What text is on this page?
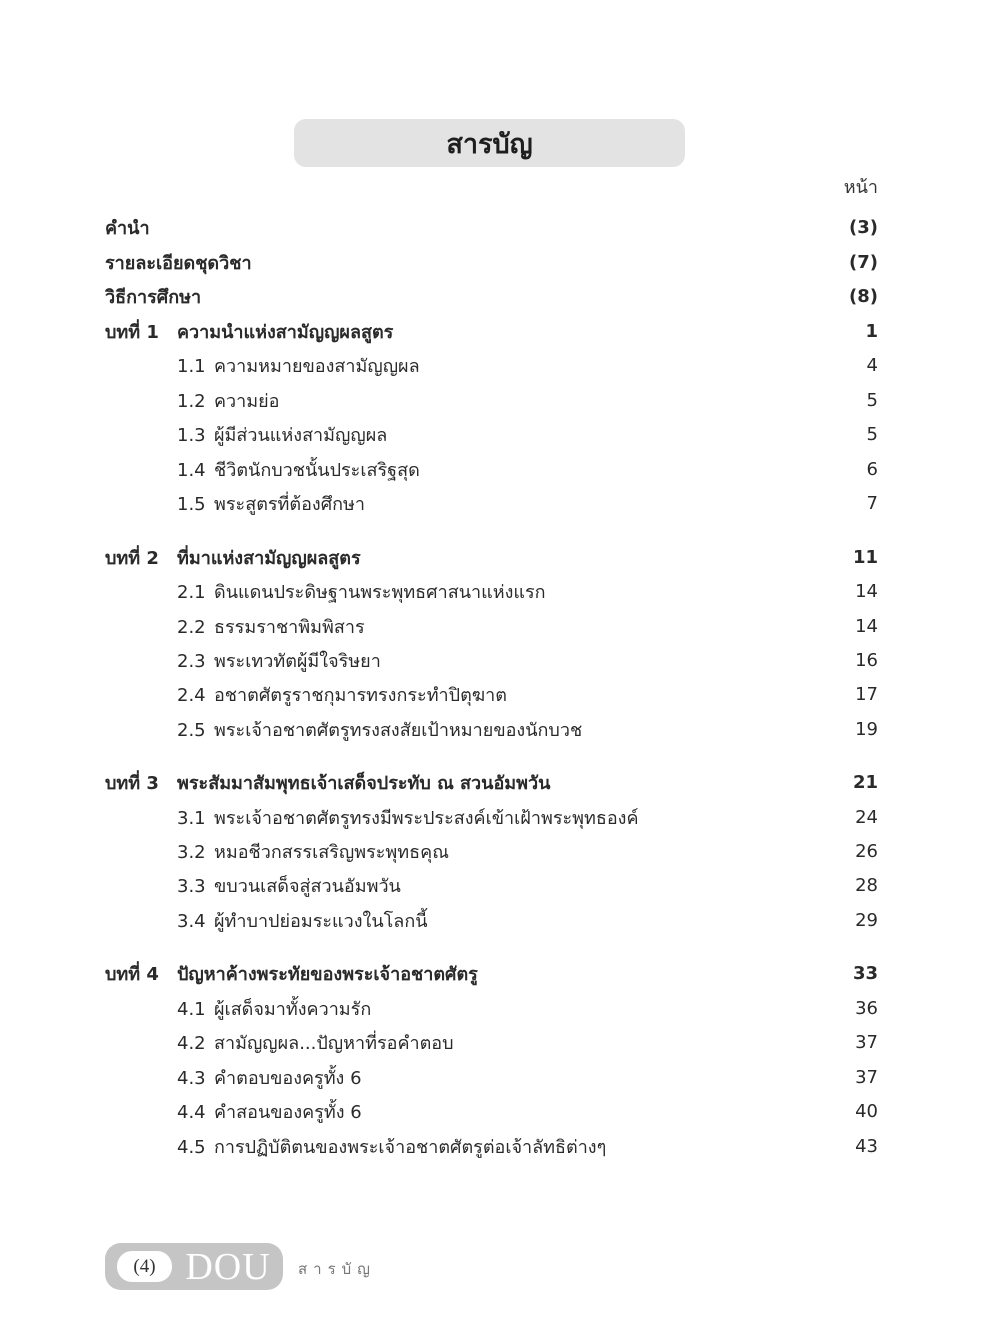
สารบัญ
หน้า
คำนำ	(3)
รายละเอียดชุดวิชา	(7)
วิธีการศึกษา	(8)
บทที่ 1 ความนำแห่งสามัญญผลสูตร	1
1.1 ความหมายของสามัญญผล	4
1.2 ความย่อ	5
1.3 ผู้มีส่วนแห่งสามัญญผล	5
1.4 ชีวิตนักบวชนั้นประเสริฐสุด	6
1.5 พระสูตรที่ต้องศึกษา	7
บทที่ 2 ที่มาแห่งสามัญญผลสูตร	11
2.1 ดินแดนประดิษฐานพระพุทธศาสนาแห่งแรก	14
2.2 ธรรมราชาพิมพิสาร	14
2.3 พระเทวทัตผู้มีใจริษยา	16
2.4 อชาตศัตรูราชกุมารทรงกระทำปิตุฆาต	17
2.5 พระเจ้าอชาตศัตรูทรงสงสัยเป้าหมายของนักบวช	19
บทที่ 3 พระสัมมาสัมพุทธเจ้าเสด็จประทับ ณ สวนอัมพวัน	21
3.1 พระเจ้าอชาตศัตรูทรงมีพระประสงค์เข้าเฝ้าพระพุทธองค์	24
3.2 หมอชีวกสรรเสริญพระพุทธคุณ	26
3.3 ขบวนเสด็จสู่สวนอัมพวัน	28
3.4 ผู้ทำบาปย่อมระแวงในโลกนี้	29
บทที่ 4 ปัญหาค้างพระทัยของพระเจ้าอชาตศัตรู	33
4.1 ผู้เสด็จมาทั้งความรัก	36
4.2 สามัญญผล...ปัญหาที่รอคำตอบ	37
4.3 คำตอบของครูทั้ง 6	37
4.4 คำสอนของครูทั้ง 6	40
4.5 การปฏิบัติตนของพระเจ้าอชาตศัตรูต่อเจ้าลัทธิต่างๆ	43
(4) DOU	สารบัญ
